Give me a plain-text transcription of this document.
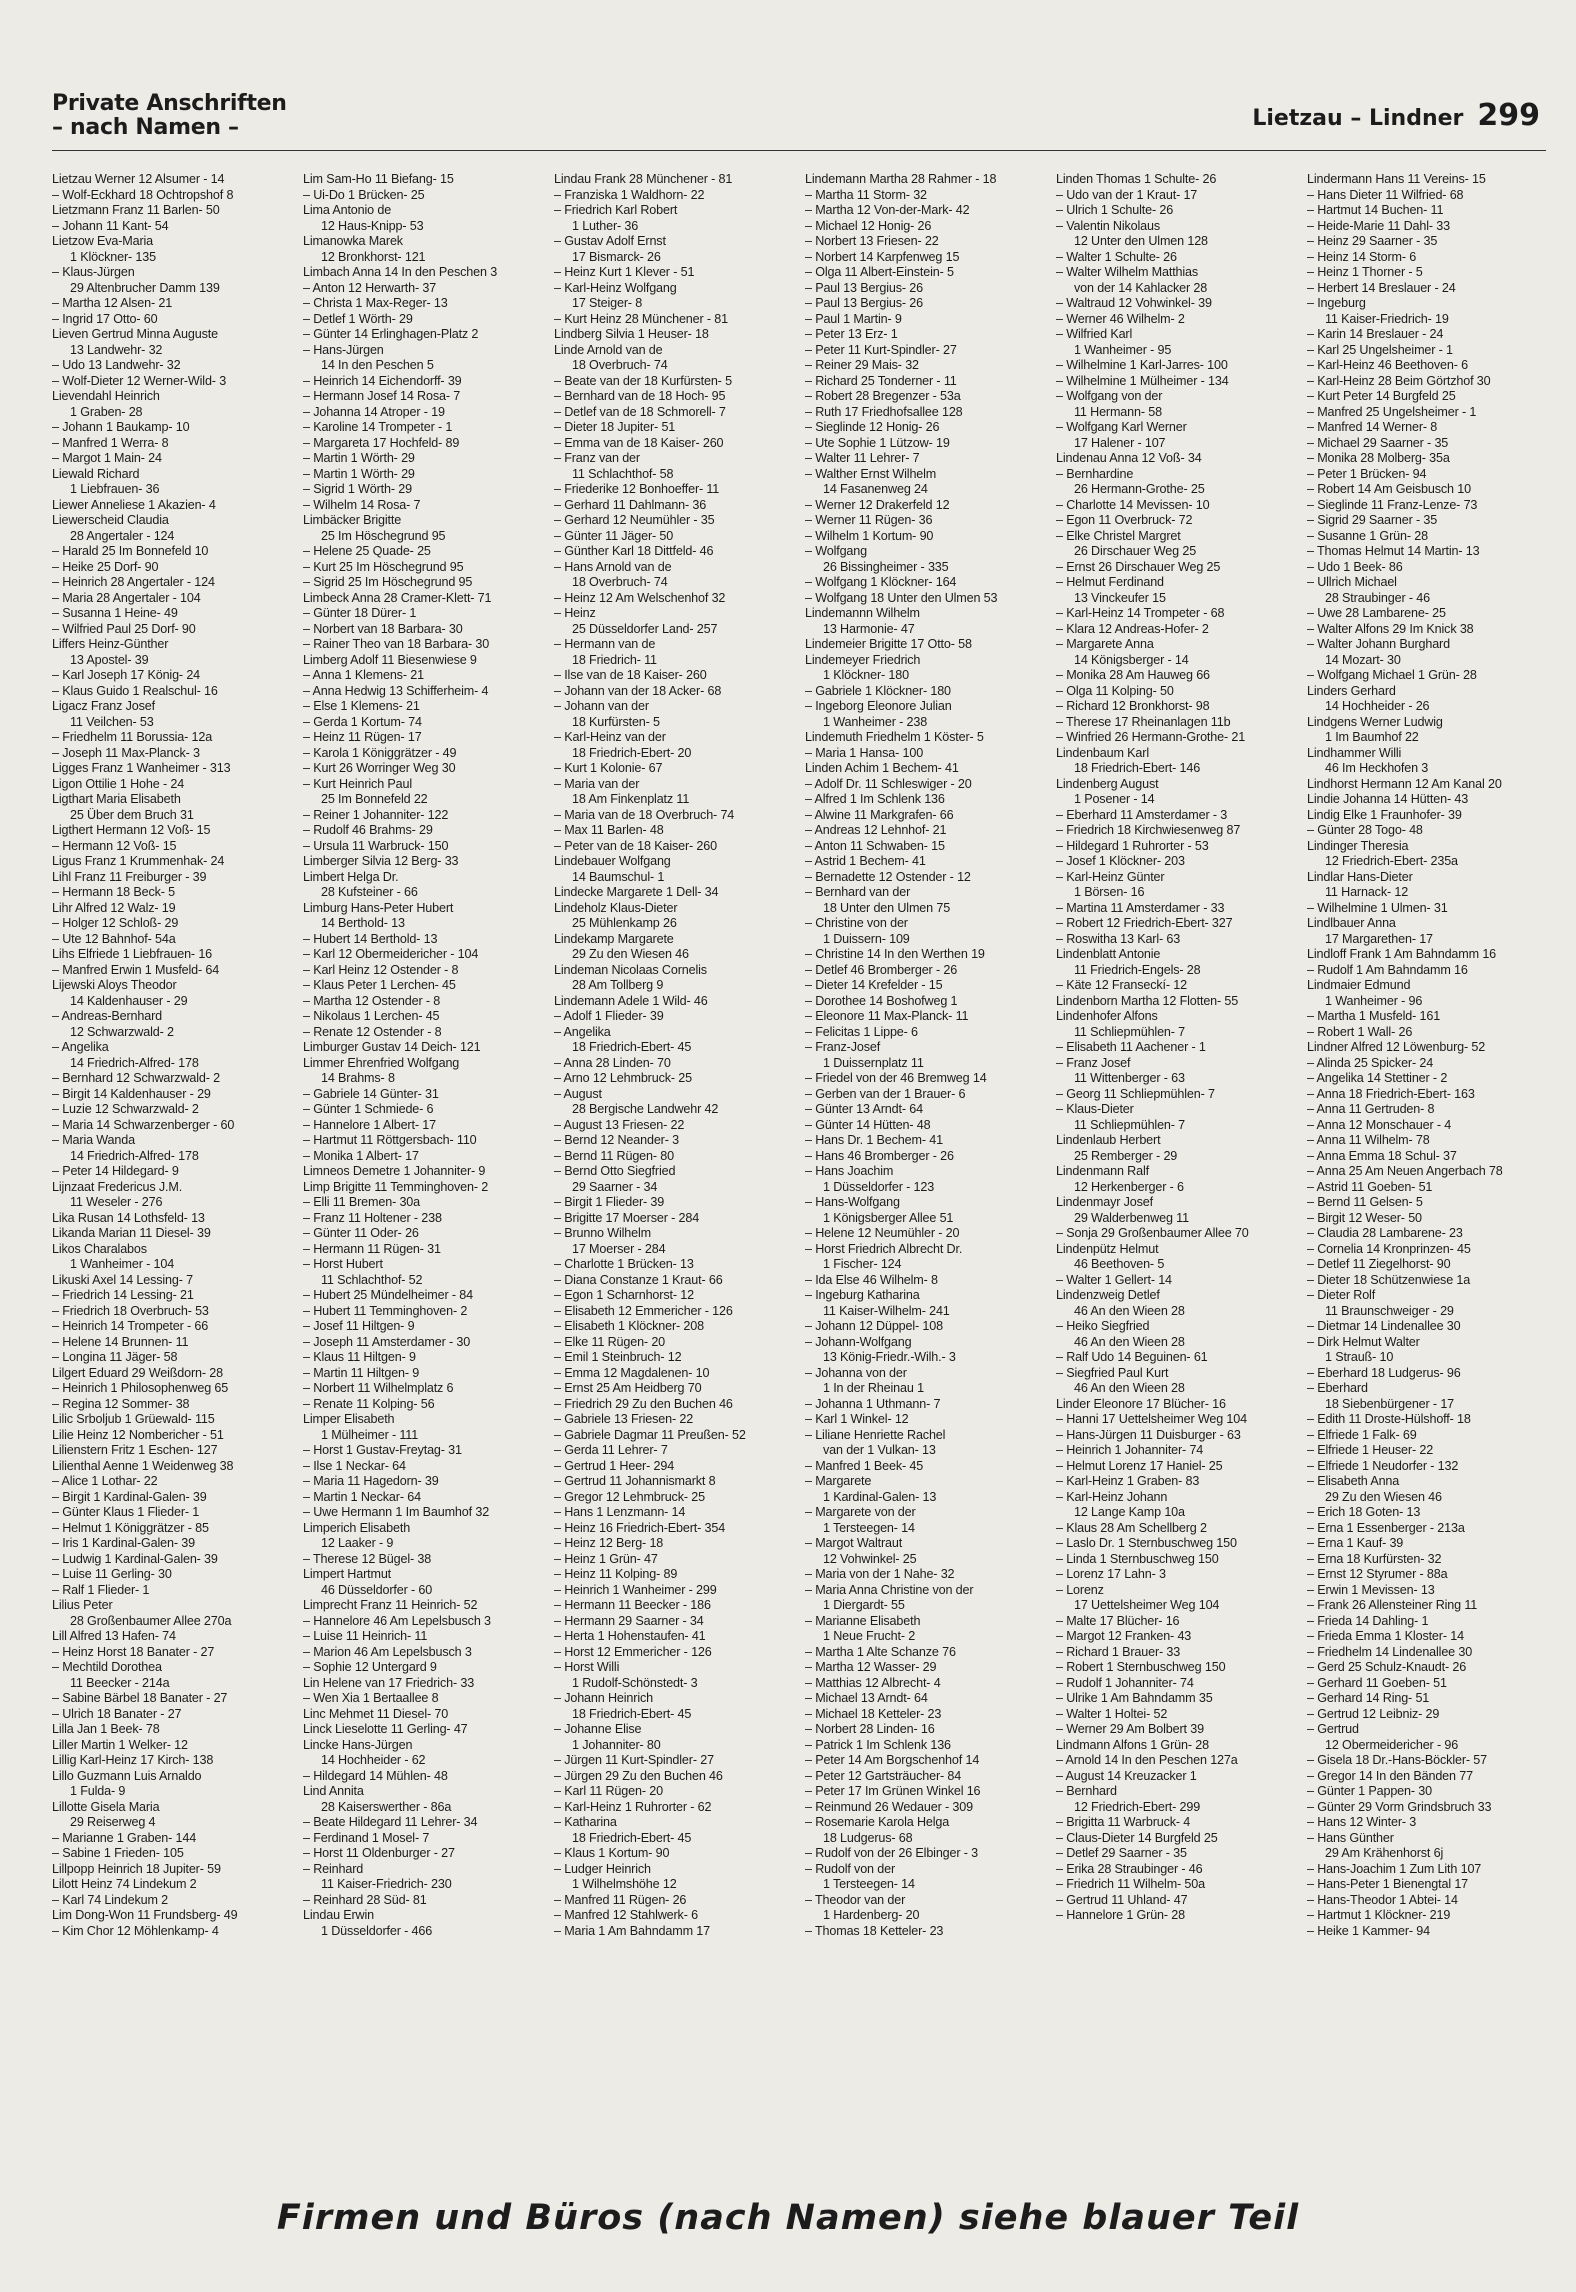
Private Anschriften
– nach Namen –	Lietzau – Lindner 299
Lietzau Werner 12 Alsumer - 14
– Wolf-Eckhard 18 Ochtropshof 8
Lietzmann Franz 11 Barlen- 50
– Johann 11 Kant- 54
Lietzow Eva-Maria
1 Klöckner- 135
– Klaus-Jürgen
29 Altenbrucher Damm 139
– Martha 12 Alsen- 21
– Ingrid 17 Otto- 60
Lieven Gertrud Minna Auguste
13 Landwehr- 32
– Udo 13 Landwehr- 32
– Wolf-Dieter 12 Werner-Wild- 3
Lievendahl Heinrich
1 Graben- 28
– Johann 1 Baukamp- 10
– Manfred 1 Werra- 8
– Margot 1 Main- 24
Liewald Richard
1 Liebfrauen- 36
Liewer Anneliese 1 Akazien- 4
Liewerscheid Claudia
28 Angertaler - 124
– Harald 25 Im Bonnefeld 10
– Heike 25 Dorf- 90
– Heinrich 28 Angertaler - 124
– Maria 28 Angertaler - 104
– Susanna 1 Heine- 49
– Wilfried Paul 25 Dorf- 90
Liffers Heinz-Günther
13 Apostel- 39
– Karl Joseph 17 König- 24
– Klaus Guido 1 Realschul- 16
Ligacz Franz Josef
11 Veilchen- 53
– Friedhelm 11 Borussia- 12a
– Joseph 11 Max-Planck- 3
Ligges Franz 1 Wanheimer - 313
Ligon Ottilie 1 Hohe - 24
Ligthart Maria Elisabeth
25 Über dem Bruch 31
Ligthert Hermann 12 Voß- 15
– Hermann 12 Voß- 15
Ligus Franz 1 Krummenhak- 24
Lihl Franz 11 Freiburger - 39
– Hermann 18 Beck- 5
Lihr Alfred 12 Walz- 19
– Holger 12 Schloß- 29
– Ute 12 Bahnhof- 54a
Lihs Elfriede 1 Liebfrauen- 16
– Manfred Erwin 1 Musfeld- 64
Lijewski Aloys Theodor
14 Kaldenhauser - 29
– Andreas-Bernhard
12 Schwarzwald- 2
– Angelika
14 Friedrich-Alfred- 178
– Bernhard 12 Schwarzwald- 2
– Birgit 14 Kaldenhauser - 29
– Luzie 12 Schwarzwald- 2
– Maria 14 Schwarzenberger - 60
– Maria Wanda
14 Friedrich-Alfred- 178
– Peter 14 Hildegard- 9
Lijnzaat Fredericus J.M.
11 Weseler - 276
Lika Rusan 14 Lothsfeld- 13
Likanda Marian 11 Diesel- 39
Likos Charalabos
1 Wanheimer - 104
Likuski Axel 14 Lessing- 7
– Friedrich 14 Lessing- 21
– Friedrich 18 Overbruch- 53
– Heinrich 14 Trompeter - 66
– Helene 14 Brunnen- 11
– Longina 11 Jäger- 58
Lilgert Eduard 29 Weißdorn- 28
– Heinrich 1 Philosophenweg 65
– Regina 12 Sommer- 38
Lilic Srboljub 1 Grüewald- 115
Lilie Heinz 12 Nombericher - 51
Lilienstern Fritz 1 Eschen- 127
Lilienthal Aenne 1 Weidenweg 38
– Alice 1 Lothar- 22
– Birgit 1 Kardinal-Galen- 39
– Günter Klaus 1 Flieder- 1
– Helmut 1 Königgrätzer - 85
– Iris 1 Kardinal-Galen- 39
– Ludwig 1 Kardinal-Galen- 39
– Luise 11 Gerling- 30
– Ralf 1 Flieder- 1
Lilius Peter
28 Großenbaumer Allee 270a
Lill Alfred 13 Hafen- 74
– Heinz Horst 18 Banater - 27
– Mechtild Dorothea
11 Beecker - 214a
– Sabine Bärbel 18 Banater - 27
– Ulrich 18 Banater - 27
Lilla Jan 1 Beek- 78
Liller Martin 1 Welker- 12
Lillig Karl-Heinz 17 Kirch- 138
Lillo Guzmann Luis Arnaldo
1 Fulda- 9
Lillotte Gisela Maria
29 Reiserweg 4
– Marianne 1 Graben- 144
– Sabine 1 Frieden- 105
Lillpopp Heinrich 18 Jupiter- 59
Lilott Heinz 74 Lindekum 2
– Karl 74 Lindekum 2
Lim Dong-Won 11 Frundsberg- 49
– Kim Chor 12 Möhlenkamp- 4
Lim Sam-Ho 11 Biefang- 15
– Ui-Do 1 Brücken- 25
Lima Antonio de
12 Haus-Knipp- 53
Limanowka Marek
12 Bronkhorst- 121
Limbach Anna 14 In den Peschen 3
– Anton 12 Herwarth- 37
– Christa 1 Max-Reger- 13
– Detlef 1 Wörth- 29
– Günter 14 Erlinghagen-Platz 2
– Hans-Jürgen
14 In den Peschen 5
– Heinrich 14 Eichendorff- 39
– Hermann Josef 14 Rosa- 7
– Johanna 14 Atroper - 19
– Karoline 14 Trompeter - 1
– Margareta 17 Hochfeld- 89
– Martin 1 Wörth- 29
– Martin 1 Wörth- 29
– Sigrid 1 Wörth- 29
– Wilhelm 14 Rosa- 7
Limbäcker Brigitte
25 Im Höschegrund 95
– Helene 25 Quade- 25
– Kurt 25 Im Höschegrund 95
– Sigrid 25 Im Höschegrund 95
Limbeck Anna 28 Cramer-Klett- 71
– Günter 18 Dürer- 1
– Norbert van 18 Barbara- 30
– Rainer Theo van 18 Barbara- 30
Limberg Adolf 11 Biesenwiese 9
– Anna 1 Klemens- 21
– Anna Hedwig 13 Schifferheim- 4
– Else 1 Klemens- 21
– Gerda 1 Kortum- 74
– Heinz 11 Rügen- 17
– Karola 1 Königgrätzer - 49
– Kurt 26 Worringer Weg 30
– Kurt Heinrich Paul
25 Im Bonnefeld 22
– Reiner 1 Johanniter- 122
– Rudolf 46 Brahms- 29
– Ursula 11 Warbruck- 150
Limberger Silvia 12 Berg- 33
Limbert Helga Dr.
28 Kufsteiner - 66
Limburg Hans-Peter Hubert
14 Berthold- 13
– Hubert 14 Berthold- 13
– Karl 12 Obermeidericher - 104
– Karl Heinz 12 Ostender - 8
– Klaus Peter 1 Lerchen- 45
– Martha 12 Ostender - 8
– Nikolaus 1 Lerchen- 45
– Renate 12 Ostender - 8
Limburger Gustav 14 Deich- 121
Limmer Ehrenfried Wolfgang
14 Brahms- 8
– Gabriele 14 Günter- 31
– Günter 1 Schmiede- 6
– Hannelore 1 Albert- 17
– Hartmut 11 Röttgersbach- 110
– Monika 1 Albert- 17
Limneos Demetre 1 Johanniter- 9
Limp Brigitte 11 Temminghoven- 2
– Elli 11 Bremen- 30a
– Franz 11 Holtener - 238
– Günter 11 Oder- 26
– Hermann 11 Rügen- 31
– Horst Hubert
11 Schlachthof- 52
– Hubert 25 Mündelheimer - 84
– Hubert 11 Temminghoven- 2
– Josef 11 Hiltgen- 9
– Joseph 11 Amsterdamer - 30
– Klaus 11 Hiltgen- 9
– Martin 11 Hiltgen- 9
– Norbert 11 Wilhelmplatz 6
– Renate 11 Kolping- 56
Limper Elisabeth
1 Mülheimer - 111
– Horst 1 Gustav-Freytag- 31
– Ilse 1 Neckar- 64
– Maria 11 Hagedorn- 39
– Martin 1 Neckar- 64
– Uwe Hermann 1 Im Baumhof 32
Limperich Elisabeth
12 Laaker - 9
– Therese 12 Bügel- 38
Limpert Hartmut
46 Düsseldorfer - 60
Limprecht Franz 11 Heinrich- 52
– Hannelore 46 Am Lepelsbusch 3
– Luise 11 Heinrich- 11
– Marion 46 Am Lepelsbusch 3
– Sophie 12 Untergard 9
Lin Helene van 17 Friedrich- 33
– Wen Xia 1 Bertaallee 8
Linc Mehmet 11 Diesel- 70
Linck Lieselotte 11 Gerling- 47
Lincke Hans-Jürgen
14 Hochheider - 62
– Hildegard 14 Mühlen- 48
Lind Annita
28 Kaiserswerther - 86a
– Beate Hildegard 11 Lehrer- 34
– Ferdinand 1 Mosel- 7
– Horst 11 Oldenburger - 27
– Reinhard
11 Kaiser-Friedrich- 230
– Reinhard 28 Süd- 81
Lindau Erwin
1 Düsseldorfer - 466
Lindau Frank 28 Münchener - 81
– Franziska 1 Waldhorn- 22
– Friedrich Karl Robert
1 Luther- 36
– Gustav Adolf Ernst
17 Bismarck- 26
– Heinz Kurt 1 Klever - 51
– Karl-Heinz Wolfgang
17 Steiger- 8
– Kurt Heinz 28 Münchener - 81
Lindberg Silvia 1 Heuser- 18
Linde Arnold van de
18 Overbruch- 74
– Beate van der 18 Kurfürsten- 5
– Bernhard van de 18 Hoch- 95
– Detlef van de 18 Schmorell- 7
– Dieter 18 Jupiter- 51
– Emma van de 18 Kaiser- 260
– Franz van der
11 Schlachthof- 58
– Friederike 12 Bonhoeffer- 11
– Gerhard 11 Dahlmann- 36
– Gerhard 12 Neumühler - 35
– Günter 11 Jäger- 50
– Günther Karl 18 Dittfeld- 46
– Hans Arnold van de
18 Overbruch- 74
– Heinz 12 Am Welschenhof 32
– Heinz
25 Düsseldorfer Land- 257
– Hermann van de
18 Friedrich- 11
– Ilse van de 18 Kaiser- 260
– Johann van der 18 Acker- 68
– Johann van der
18 Kurfürsten- 5
– Karl-Heinz van der
18 Friedrich-Ebert- 20
– Kurt 1 Kolonie- 67
– Maria van der
18 Am Finkenplatz 11
– Maria van de 18 Overbruch- 74
– Max 11 Barlen- 48
– Peter van de 18 Kaiser- 260
Lindebauer Wolfgang
14 Baumschul- 1
Lindecke Margarete 1 Dell- 34
Lindeholz Klaus-Dieter
25 Mühlenkamp 26
Lindekamp Margarete
29 Zu den Wiesen 46
Lindeman Nicolaas Cornelis
28 Am Tollberg 9
Lindemann Adele 1 Wild- 46
– Adolf 1 Flieder- 39
– Angelika
18 Friedrich-Ebert- 45
– Anna 28 Linden- 70
– Arno 12 Lehmbruck- 25
– August
28 Bergische Landwehr 42
– August 13 Friesen- 22
– Bernd 12 Neander- 3
– Bernd 11 Rügen- 80
– Bernd Otto Siegfried
29 Saarner - 34
– Birgit 1 Flieder- 39
– Brigitte 17 Moerser - 284
– Brunno Wilhelm
17 Moerser - 284
– Charlotte 1 Brücken- 13
– Diana Constanze 1 Kraut- 66
– Egon 1 Scharnhorst- 12
– Elisabeth 12 Emmericher - 126
– Elisabeth 1 Klöckner- 208
– Elke 11 Rügen- 20
– Emil 1 Steinbruch- 12
– Emma 12 Magdalenen- 10
– Ernst 25 Am Heidberg 70
– Friedrich 29 Zu den Buchen 46
– Gabriele 13 Friesen- 22
– Gabriele Dagmar 11 Preußen- 52
– Gerda 11 Lehrer- 7
– Gertrud 1 Heer- 294
– Gertrud 11 Johannismarkt 8
– Gregor 12 Lehmbruck- 25
– Hans 1 Lenzmann- 14
– Heinz 16 Friedrich-Ebert- 354
– Heinz 12 Berg- 18
– Heinz 1 Grün- 47
– Heinz 11 Kolping- 89
– Heinrich 1 Wanheimer - 299
– Hermann 11 Beecker - 186
– Hermann 29 Saarner - 34
– Herta 1 Hohenstaufen- 41
– Horst 12 Emmericher - 126
– Horst Willi
1 Rudolf-Schönstedt- 3
– Johann Heinrich
18 Friedrich-Ebert- 45
– Johanne Elise
1 Johanniter- 80
– Jürgen 11 Kurt-Spindler- 27
– Jürgen 29 Zu den Buchen 46
– Karl 11 Rügen- 20
– Karl-Heinz 1 Ruhrorter - 62
– Katharina
18 Friedrich-Ebert- 45
– Klaus 1 Kortum- 90
– Ludger Heinrich
1 Wilhelmshöhe 12
– Manfred 11 Rügen- 26
– Manfred 12 Stahlwerk- 6
– Maria 1 Am Bahndamm 17
Lindemann Martha 28 Rahmer - 18
– Martha 11 Storm- 32
– Martha 12 Von-der-Mark- 42
– Michael 12 Honig- 26
– Norbert 13 Friesen- 22
– Norbert 14 Karpfenweg 15
– Olga 11 Albert-Einstein- 5
– Paul 13 Bergius- 26
– Paul 13 Bergius- 26
– Paul 1 Martin- 9
– Peter 13 Erz- 1
– Peter 11 Kurt-Spindler- 27
– Reiner 29 Mais- 32
– Richard 25 Tonderner - 11
– Robert 28 Bregenzer - 53a
– Ruth 17 Friedhofsallee 128
– Sieglinde 12 Honig- 26
– Ute Sophie 1 Lützow- 19
– Walter 11 Lehrer- 7
– Walther Ernst Wilhelm
14 Fasanenweg 24
– Werner 12 Drakerfeld 12
– Werner 11 Rügen- 36
– Wilhelm 1 Kortum- 90
– Wolfgang
26 Bissingheimer - 335
– Wolfgang 1 Klöckner- 164
– Wolfgang 18 Unter den Ulmen 53
Lindemannn Wilhelm
13 Harmonie- 47
Lindemeier Brigitte 17 Otto- 58
Lindemeyer Friedrich
1 Klöckner- 180
– Gabriele 1 Klöckner- 180
– Ingeborg Eleonore Julian
1 Wanheimer - 238
Lindemuth Friedhelm 1 Köster- 5
– Maria 1 Hansa- 100
Linden Achim 1 Bechem- 41
– Adolf Dr. 11 Schleswiger - 20
– Alfred 1 Im Schlenk 136
– Alwine 11 Markgrafen- 66
– Andreas 12 Lehnhof- 21
– Anton 11 Schwaben- 15
– Astrid 1 Bechem- 41
– Bernadette 12 Ostender - 12
– Bernhard van der
18 Unter den Ulmen 75
– Christine von der
1 Duissern- 109
– Christine 14 In den Werthen 19
– Detlef 46 Bromberger - 26
– Dieter 14 Krefelder - 15
– Dorothee 14 Boshofweg 1
– Eleonore 11 Max-Planck- 11
– Felicitas 1 Lippe- 6
– Franz-Josef
1 Duissernplatz 11
– Friedel von der 46 Bremweg 14
– Gerben van der 1 Brauer- 6
– Günter 13 Arndt- 64
– Günter 14 Hütten- 48
– Hans Dr. 1 Bechem- 41
– Hans 46 Bromberger - 26
– Hans Joachim
1 Düsseldorfer - 123
– Hans-Wolfgang
1 Königsberger Allee 51
– Helene 12 Neumühler - 20
– Horst Friedrich Albrecht Dr.
1 Fischer- 124
– Ida Else 46 Wilhelm- 8
– Ingeburg Katharina
11 Kaiser-Wilhelm- 241
– Johann 12 Düppel- 108
– Johann-Wolfgang
13 König-Friedr.-Wilh.- 3
– Johanna von der
1 In der Rheinau 1
– Johanna 1 Uthmann- 7
– Karl 1 Winkel- 12
– Liliane Henriette Rachel
van der 1 Vulkan- 13
– Manfred 1 Beek- 45
– Margarete
1 Kardinal-Galen- 13
– Margarete von der
1 Tersteegen- 14
– Margot Waltraut
12 Vohwinkel- 25
– Maria von der 1 Nahe- 32
– Maria Anna Christine von der
1 Diergardt- 55
– Marianne Elisabeth
1 Neue Frucht- 2
– Martha 1 Alte Schanze 76
– Martha 12 Wasser- 29
– Matthias 12 Albrecht- 4
– Michael 13 Arndt- 64
– Michael 18 Ketteler- 23
– Norbert 28 Linden- 16
– Patrick 1 Im Schlenk 136
– Peter 14 Am Borgschenhof 14
– Peter 12 Gartsträucher- 84
– Peter 17 Im Grünen Winkel 16
– Reinmund 26 Wedauer - 309
– Rosemarie Karola Helga
18 Ludgerus- 68
– Rudolf von der 26 Elbinger - 3
– Rudolf von der
1 Tersteegen- 14
– Theodor van der
1 Hardenberg- 20
– Thomas 18 Ketteler- 23
Linden Thomas 1 Schulte- 26
– Udo van der 1 Kraut- 17
– Ulrich 1 Schulte- 26
– Valentin Nikolaus
12 Unter den Ulmen 128
– Walter 1 Schulte- 26
– Walter Wilhelm Matthias
von der 14 Kahlacker 28
– Waltraud 12 Vohwinkel- 39
– Werner 46 Wilhelm- 2
– Wilfried Karl
1 Wanheimer - 95
– Wilhelmine 1 Karl-Jarres- 100
– Wilhelmine 1 Mülheimer - 134
– Wolfgang von der
11 Hermann- 58
– Wolfgang Karl Werner
17 Halener - 107
Lindenau Anna 12 Voß- 34
– Bernhardine
26 Hermann-Grothe- 25
– Charlotte 14 Mevissen- 10
– Egon 11 Overbruck- 72
– Elke Christel Margret
26 Dirschauer Weg 25
– Ernst 26 Dirschauer Weg 25
– Helmut Ferdinand
13 Vinckeufer 15
– Karl-Heinz 14 Trompeter - 68
– Klara 12 Andreas-Hofer- 2
– Margarete Anna
14 Königsberger - 14
– Monika 28 Am Hauweg 66
– Olga 11 Kolping- 50
– Richard 12 Bronkhorst- 98
– Therese 17 Rheinanlagen 11b
– Winfried 26 Hermann-Grothe- 21
Lindenbaum Karl
18 Friedrich-Ebert- 146
Lindenberg August
1 Posener - 14
– Eberhard 11 Amsterdamer - 3
– Friedrich 18 Kirchwiesenweg 87
– Hildegard 1 Ruhrorter - 53
– Josef 1 Klöckner- 203
– Karl-Heinz Günter
1 Börsen- 16
– Martina 11 Amsterdamer - 33
– Robert 12 Friedrich-Ebert- 327
– Roswitha 13 Karl- 63
Lindenblatt Antonie
11 Friedrich-Engels- 28
– Käte 12 Franseckí- 12
Lindenborn Martha 12 Flotten- 55
Lindenhofer Alfons
11 Schliepmühlen- 7
– Elisabeth 11 Aachener - 1
– Franz Josef
11 Wittenberger - 63
– Georg 11 Schliepmühlen- 7
– Klaus-Dieter
11 Schliepmühlen- 7
Lindenlaub Herbert
25 Remberger - 29
Lindenmann Ralf
12 Herkenberger - 6
Lindenmayr Josef
29 Walderbenweg 11
– Sonja 29 Großenbaumer Allee 70
Lindenpütz Helmut
46 Beethoven- 5
– Walter 1 Gellert- 14
Lindenzweig Detlef
46 An den Wieen 28
– Heiko Siegfried
46 An den Wieen 28
– Ralf Udo 14 Beguinen- 61
– Siegfried Paul Kurt
46 An den Wieen 28
Linder Eleonore 17 Blücher- 16
– Hanni 17 Uettelsheimer Weg 104
– Hans-Jürgen 11 Duisburger - 63
– Heinrich 1 Johanniter- 74
– Helmut Lorenz 17 Haniel- 25
– Karl-Heinz 1 Graben- 83
– Karl-Heinz Johann
12 Lange Kamp 10a
– Klaus 28 Am Schellberg 2
– Laslo Dr. 1 Sternbuschweg 150
– Linda 1 Sternbuschweg 150
– Lorenz 17 Lahn- 3
– Lorenz
17 Uettelsheimer Weg 104
– Malte 17 Blücher- 16
– Margot 12 Franken- 43
– Richard 1 Brauer- 33
– Robert 1 Sternbuschweg 150
– Rudolf 1 Johanniter- 74
– Ulrike 1 Am Bahndamm 35
– Walter 1 Holtei- 52
– Werner 29 Am Bolbert 39
Lindmann Alfons 1 Grün- 28
– Arnold 14 In den Peschen 127a
– August 14 Kreuzacker 1
– Bernhard
12 Friedrich-Ebert- 299
– Brigitta 11 Warbruck- 4
– Claus-Dieter 14 Burgfeld 25
– Detlef 29 Saarner - 35
– Erika 28 Straubinger - 46
– Friedrich 11 Wilhelm- 50a
– Gertrud 11 Uhland- 47
– Hannelore 1 Grün- 28
Lindermann Hans 11 Vereins- 15
– Hans Dieter 11 Wilfried- 68
– Hartmut 14 Buchen- 11
– Heide-Marie 11 Dahl- 33
– Heinz 29 Saarner - 35
– Heinz 14 Storm- 6
– Heinz 1 Thorner - 5
– Herbert 14 Breslauer - 24
– Ingeburg
11 Kaiser-Friedrich- 19
– Karin 14 Breslauer - 24
– Karl 25 Ungelsheimer - 1
– Karl-Heinz 46 Beethoven- 6
– Karl-Heinz 28 Beim Görtzhof 30
– Kurt Peter 14 Burgfeld 25
– Manfred 25 Ungelsheimer - 1
– Manfred 14 Werner- 8
– Michael 29 Saarner - 35
– Monika 28 Molberg- 35a
– Peter 1 Brücken- 94
– Robert 14 Am Geisbusch 10
– Sieglinde 11 Franz-Lenze- 73
– Sigrid 29 Saarner - 35
– Susanne 1 Grün- 28
– Thomas Helmut 14 Martin- 13
– Udo 1 Beek- 86
– Ullrich Michael
28 Straubinger - 46
– Uwe 28 Lambarene- 25
– Walter Alfons 29 Im Knick 38
– Walter Johann Burghard
14 Mozart- 30
– Wolfgang Michael 1 Grün- 28
Linders Gerhard
14 Hochheider - 26
Lindgens Werner Ludwig
1 Im Baumhof 22
Lindhammer Willi
46 Im Heckhofen 3
Lindhorst Hermann 12 Am Kanal 20
Lindie Johanna 14 Hütten- 43
Lindig Elke 1 Fraunhofer- 39
– Günter 28 Togo- 48
Lindinger Theresia
12 Friedrich-Ebert- 235a
Lindlar Hans-Dieter
11 Harnack- 12
– Wilhelmine 1 Ulmen- 31
Lindlbauer Anna
17 Margarethen- 17
Lindloff Frank 1 Am Bahndamm 16
– Rudolf 1 Am Bahndamm 16
Lindmaier Edmund
1 Wanheimer - 96
– Martha 1 Musfeld- 161
– Robert 1 Wall- 26
Lindner Alfred 12 Löwenburg- 52
– Alinda 25 Spicker- 24
– Angelika 14 Stettiner - 2
– Anna 18 Friedrich-Ebert- 163
– Anna 11 Gertruden- 8
– Anna 12 Monschauer - 4
– Anna 11 Wilhelm- 78
– Anna Emma 18 Schul- 37
– Anna 25 Am Neuen Angerbach 78
– Astrid 11 Goeben- 51
– Bernd 11 Gelsen- 5
– Birgit 12 Weser- 50
– Claudia 28 Lambarene- 23
– Cornelia 14 Kronprinzen- 45
– Detlef 11 Ziegelhorst- 90
– Dieter 18 Schützenwiese 1a
– Dieter Rolf
11 Braunschweiger - 29
– Dietmar 14 Lindenallee 30
– Dirk Helmut Walter
1 Strauß- 10
– Eberhard 18 Ludgerus- 96
– Eberhard
18 Siebenbürgener - 17
– Edith 11 Droste-Hülshoff- 18
– Elfriede 1 Falk- 69
– Elfriede 1 Heuser- 22
– Elfriede 1 Neudorfer - 132
– Elisabeth Anna
29 Zu den Wiesen 46
– Erich 18 Goten- 13
– Erna 1 Essenberger - 213a
– Erna 1 Kauf- 39
– Erna 18 Kurfürsten- 32
– Ernst 12 Styrumer - 88a
– Erwin 1 Mevissen- 13
– Frank 26 Allensteiner Ring 11
– Frieda 14 Dahling- 1
– Frieda Emma 1 Kloster- 14
– Friedhelm 14 Lindenallee 30
– Gerd 25 Schulz-Knaudt- 26
– Gerhard 11 Goeben- 51
– Gerhard 14 Ring- 51
– Gertrud 12 Leibniz- 29
– Gertrud
12 Obermeidericher - 96
– Gisela 18 Dr.-Hans-Böckler- 57
– Gregor 14 In den Bänden 77
– Günter 1 Pappen- 30
– Günter 29 Vorm Grindsbruch 33
– Hans 12 Winter- 3
– Hans Günther
29 Am Krähenhorst 6j
– Hans-Joachim 1 Zum Lith 107
– Hans-Peter 1 Bienengtal 17
– Hans-Theodor 1 Abtei- 14
– Hartmut 1 Klöckner- 219
– Heike 1 Kammer- 94
Firmen und Büros (nach Namen) siehe blauer Teil
